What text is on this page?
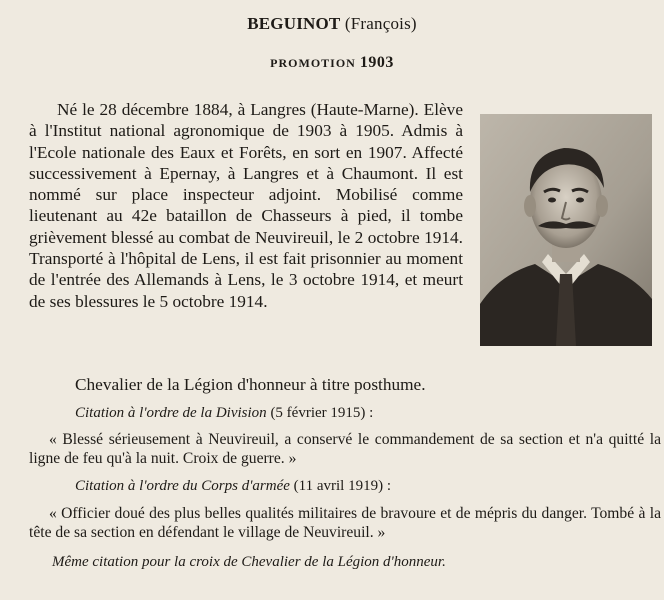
BEGUINOT (François)
PROMOTION 1903

Né le 28 décembre 1884, à Langres (Haute-Marne). Elève à l'Institut national agronomique de 1903 à 1905. Admis à l'Ecole nationale des Eaux et Forêts, en sort en 1907. Affecté successivement à Epernay, à Langres et à Chaumont. Il est nommé sur place inspecteur adjoint. Mobilisé comme lieutenant au 42e bataillon de Chasseurs à pied, il tombe grièvement blessé au combat de Neuvireuil, le 2 octobre 1914. Transporté à l'hôpital de Lens, il est fait prisonnier au moment de l'entrée des Allemands à Lens, le 3 octobre 1914, et meurt de ses blessures le 5 octobre 1914.

Chevalier de la Légion d'honneur à titre posthume.
Citation à l'ordre de la Division (5 février 1915) :

« Blessé sérieusement à Neuvireuil, a conservé le commandement de sa section et n'a quitté la ligne de feu qu'à la nuit. Croix de guerre. »

Citation à l'ordre du Corps d'armée (11 avril 1919) :

« Officier doué des plus belles qualités militaires de bravoure et de mépris du danger. Tombé à la tête de sa section en défendant le village de Neuvireuil. »

Même citation pour la croix de Chevalier de la Légion d'honneur.
